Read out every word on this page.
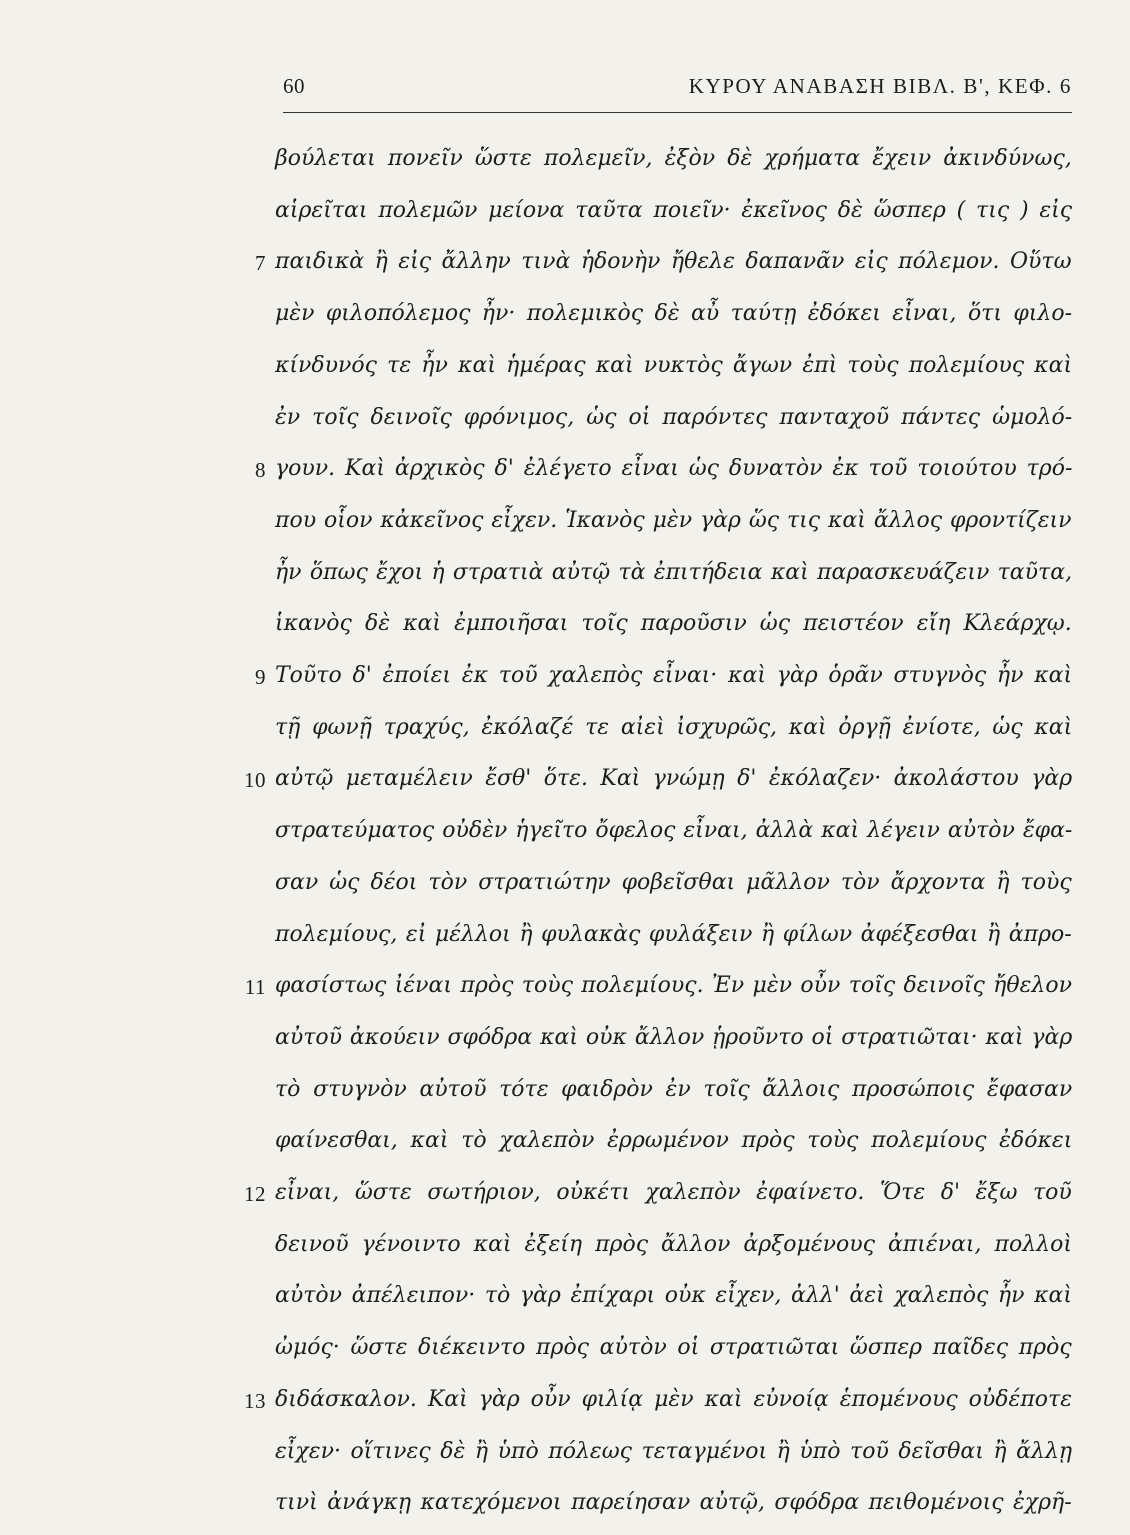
60	ΚΥΡΟΥ ΑΝΑΒΑΣΗ ΒΙΒΛ. Β', ΚΕΦ. 6
βούλεται πονεῖν ὥστε πολεμεῖν, ἐξὸν δὲ χρήματα ἔχειν ἀκινδύνως,
αἱρεῖται πολεμῶν μείονα ταῦτα ποιεῖν· ἐκεῖνος δὲ ὥσπερ ( τις ) εἰς
7 παιδικὰ ἢ εἰς ἄλλην τινὰ ἡδονὴν ἤθελε δαπανᾶν εἰς πόλεμον. Οὕτω
μὲν φιλοπόλεμος ἦν· πολεμικὸς δὲ αὖ ταύτῃ ἐδόκει εἶναι, ὅτι φιλο-
κίνδυνός τε ἦν καὶ ἡμέρας καὶ νυκτὸς ἄγων ἐπὶ τοὺς πολεμίους καὶ
ἐν τοῖς δεινοῖς φρόνιμος, ὡς οἱ παρόντες πανταχοῦ πάντες ὡμολό-
8 γουν. Καὶ ἀρχικὸς δ' ἐλέγετο εἶναι ὡς δυνατὸν ἐκ τοῦ τοιούτου τρό-
που οἷον κἀκεῖνος εἶχεν. Ἱκανὸς μὲν γὰρ ὥς τις καὶ ἄλλος φροντίζειν
ἦν ὅπως ἔχοι ἡ στρατιὰ αὐτῷ τὰ ἐπιτήδεια καὶ παρασκευάζειν ταῦτα,
ἱκανὸς δὲ καὶ ἐμποιῆσαι τοῖς παροῦσιν ὡς πειστέον εἴη Κλεάρχῳ.
9 Τοῦτο δ' ἐποίει ἐκ τοῦ χαλεπὸς εἶναι· καὶ γὰρ ὁρᾶν στυγνὸς ἦν καὶ
τῇ φωνῇ τραχύς, ἐκόλαζέ τε αἰεὶ ἰσχυρῶς, καὶ ὀργῇ ἐνίοτε, ὡς καὶ
10 αὐτῷ μεταμέλειν ἔσθ' ὅτε. Καὶ γνώμῃ δ' ἐκόλαζεν· ἀκολάστου γὰρ
στρατεύματος οὐδὲν ἡγεῖτο ὄφελος εἶναι, ἀλλὰ καὶ λέγειν αὐτὸν ἔφα-
σαν ὡς δέοι τὸν στρατιώτην φοβεῖσθαι μᾶλλον τὸν ἄρχοντα ἢ τοὺς
πολεμίους, εἰ μέλλοι ἢ φυλακὰς φυλάξειν ἢ φίλων ἀφέξεσθαι ἢ ἀπρο-
11 φασίστως ἰέναι πρὸς τοὺς πολεμίους. Ἐν μὲν οὖν τοῖς δεινοῖς ἤθελον
αὐτοῦ ἀκούειν σφόδρα καὶ οὐκ ἄλλον ᾑροῦντο οἱ στρατιῶται· καὶ γὰρ
τὸ στυγνὸν αὐτοῦ τότε φαιδρὸν ἐν τοῖς ἄλλοις προσώποις ἔφασαν
φαίνεσθαι, καὶ τὸ χαλεπὸν ἐρρωμένον πρὸς τοὺς πολεμίους ἐδόκει
12 εἶναι, ὥστε σωτήριον, οὐκέτι χαλεπὸν ἐφαίνετο. Ὅτε δ' ἔξω τοῦ
δεινοῦ γένοιντο καὶ ἐξείη πρὸς ἄλλον ἀρξομένους ἀπιέναι, πολλοὶ
αὐτὸν ἀπέλειπον· τὸ γὰρ ἐπίχαρι οὐκ εἶχεν, ἀλλ' ἀεὶ χαλεπὸς ἦν καὶ
ὠμός· ὥστε διέκειντο πρὸς αὐτὸν οἱ στρατιῶται ὥσπερ παῖδες πρὸς
13 διδάσκαλον. Καὶ γὰρ οὖν φιλίᾳ μὲν καὶ εὐνοίᾳ ἑπομένους οὐδέποτε
εἶχεν· οἵτινες δὲ ἢ ὑπὸ πόλεως τεταγμένοι ἢ ὑπὸ τοῦ δεῖσθαι ἢ ἄλλῃ
τινὶ ἀνάγκῃ κατεχόμενοι παρείησαν αὐτῷ, σφόδρα πειθομένοις ἐχρῆ-
